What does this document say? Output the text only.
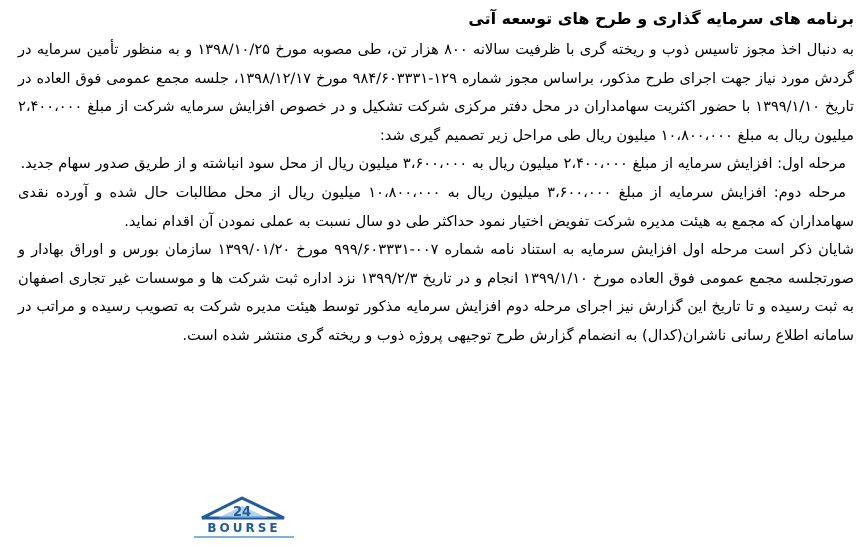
برنامه های سرمایه گذاری و طرح های توسعه آتی

به دنبال اخذ مجوز تاسیس ذوب و ریخته گری با ظرفیت سالانه ۸۰۰ هزار تن، طی مصوبه مورخ ۱۳۹۸/۱۰/۲۵ و به منظور تأمین سرمایه در گردش مورد نیاز جهت اجرای طرح مذکور، براساس مجوز شماره ۱۲۹-۹۸۴/۶۰۳۳۳۱ مورخ ۱۳۹۸/۱۲/۱۷، جلسه مجمع عمومی فوق العاده در تاریخ ۱۳۹۹/۱/۱۰ با حضور اکثریت سهامداران در محل دفتر مرکزی شرکت تشکیل و در خصوص افزایش سرمایه شرکت از مبلغ ۲،۴۰۰،۰۰۰ میلیون ریال به مبلغ ۱۰،۸۰۰،۰۰۰ میلیون ریال طی مراحل زیر تصمیم گیری شد:

مرحله اول: افزایش سرمایه از مبلغ ۲،۴۰۰،۰۰۰ میلیون ریال به ۳،۶۰۰،۰۰۰ میلیون ریال از محل سود انباشته و از طریق صدور سهام جدید.

مرحله دوم: افزایش سرمایه از مبلغ ۳،۶۰۰،۰۰۰ میلیون ریال به ۱۰،۸۰۰،۰۰۰ میلیون ریال از محل مطالبات حال شده و آورده نقدی سهامداران که مجمع به هیئت مدیره شرکت تفویض اختیار نمود حداکثر طی دو سال نسبت به عملی نمودن آن اقدام نماید.

شایان ذکر است مرحله اول افزایش سرمایه به استناد نامه شماره ۰۰۷-۹۹۹/۶۰۳۳۳۱ مورخ ۱۳۹۹/۰۱/۲۰ سازمان بورس و اوراق بهادار و صورتجلسه مجمع عمومی فوق العاده مورخ ۱۳۹۹/۱/۱۰ انجام و در تاریخ ۱۳۹۹/۲/۳ نزد اداره ثبت شرکت ها و موسسات غیر تجاری اصفهان به ثبت رسیده و تا تاریخ این گزارش نیز اجرای مرحله دوم افزایش سرمایه مذکور توسط هیئت مدیره شرکت به تصویب رسیده و مراتب در سامانه اطلاع رسانی ناشران(کدال) به انضمام گزارش طرح توجیهی پروژه ذوب و ریخته گری منتشر شده است.

24
BOURSE
